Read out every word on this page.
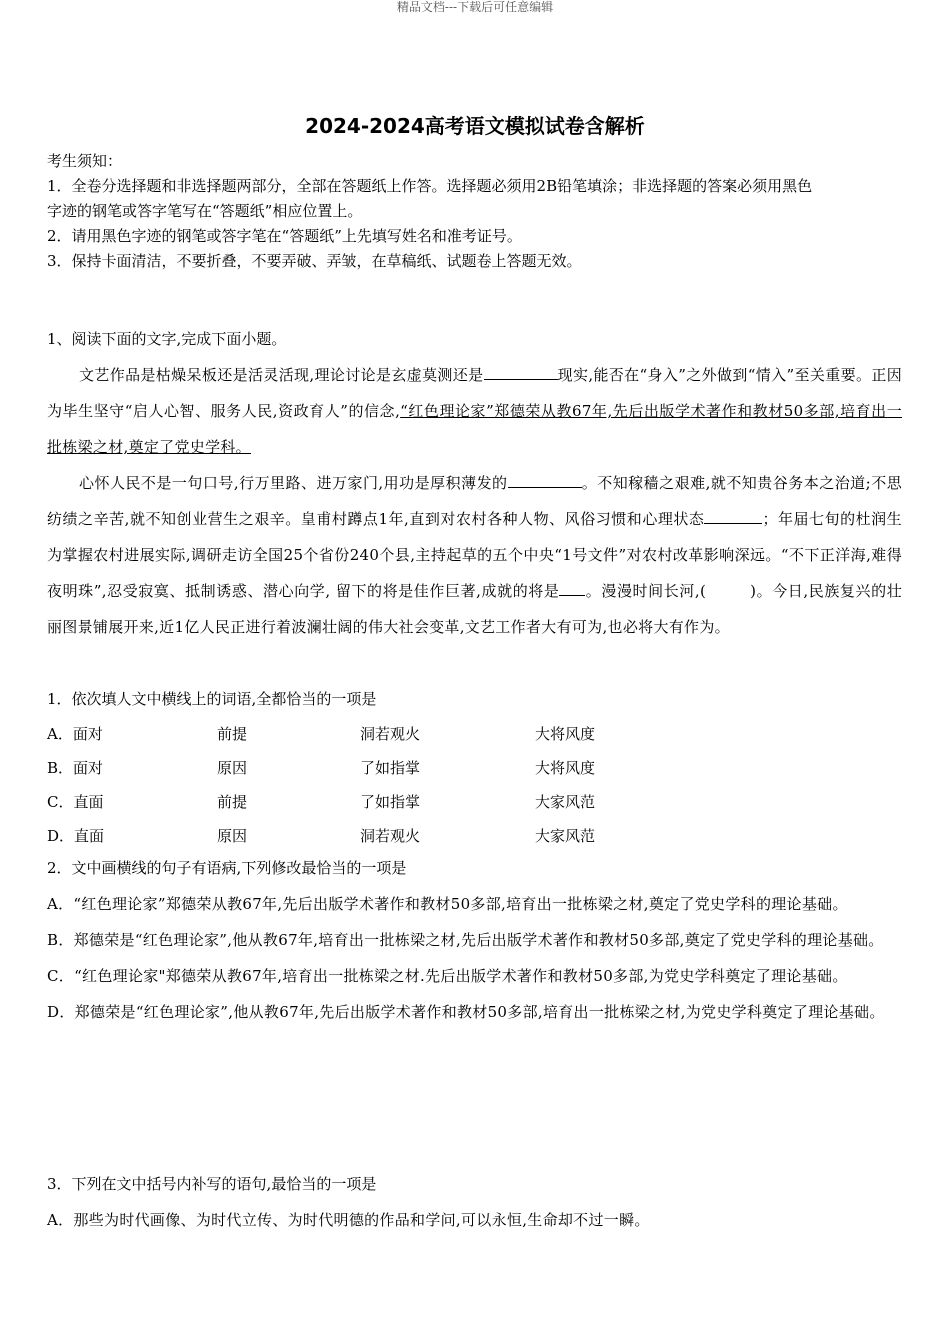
精品文档---下载后可任意编辑
2024-2024高考语文模拟试卷含解析
考生须知：
1．全卷分选择题和非选择题两部分，全部在答题纸上作答。选择题必须用2B铅笔填涂；非选择题的答案必须用黑色
字迹的钢笔或答字笔写在“答题纸”相应位置上。
2．请用黑色字迹的钢笔或答字笔在“答题纸”上先填写姓名和准考证号。
3．保持卡面清洁，不要折叠，不要弄破、弄皱，在草稿纸、试题卷上答题无效。
1、阅读下面的文字,完成下面小题。
文艺作品是枯燥呆板还是活灵活现,理论讨论是玄虚莫测还是	现实,能否在“身入”之外做到“情入”至关重要。正因为毕生坚守“启人心智、服务人民,资政育人”的信念,“红色理论家”郑德荣从教67年,先后出版学术著作和教材50多部,培育出一批栋梁之材,奠定了党史学科。
心怀人民不是一句口号,行万里路、进万家门,用功是厚积薄发的	。不知稼穑之艰难,就不知贵谷务本之治道;不思纺绩之辛苦,就不知创业营生之艰辛。皇甫村蹲点1年,直到对农村各种人物、风俗习惯和心理状态	；年届七旬的杜润生为掌握农村进展实际,调研走访全国25个省份240个县,主持起草的五个中央“1号文件”对农村改革影响深远。“不下正洋海,难得夜明珠”,忍受寂寞、抵制诱惑、潜心向学, 留下的将是佳作巨著,成就的将是 。漫漫时间长河,(	)。今日,民族复兴的壮丽图景铺展开来,近1亿人民正进行着波澜壮阔的伟大社会变革,文艺工作者大有可为,也必将大有作为。
1．依次填人文中横线上的词语,全都恰当的一项是
A．面对	前提	洞若观火	大将风度
B．面对	原因	了如指掌	大将风度
C．直面	前提	了如指掌	大家风范
D．直面	原因	洞若观火	大家风范
2．文中画横线的句子有语病,下列修改最恰当的一项是
A．“红色理论家”郑德荣从教67年,先后出版学术著作和教材50多部,培育出一批栋梁之材,奠定了党史学科的理论基础。
B．郑德荣是“红色理论家”,他从教67年,培育出一批栋梁之材,先后出版学术著作和教材50多部,奠定了党史学科的理论基础。
C．“红色理论家"郑德荣从教67年,培育出一批栋梁之材.先后出版学术著作和教材50多部,为党史学科奠定了理论基础。
D．郑德荣是“红色理论家”,他从教67年,先后出版学术著作和教材50多部,培育出一批栋梁之材,为党史学科奠定了理论基础。
3．下列在文中括号内补写的语句,最恰当的一项是
A．那些为时代画像、为时代立传、为时代明德的作品和学问,可以永恒,生命却不过一瞬。
